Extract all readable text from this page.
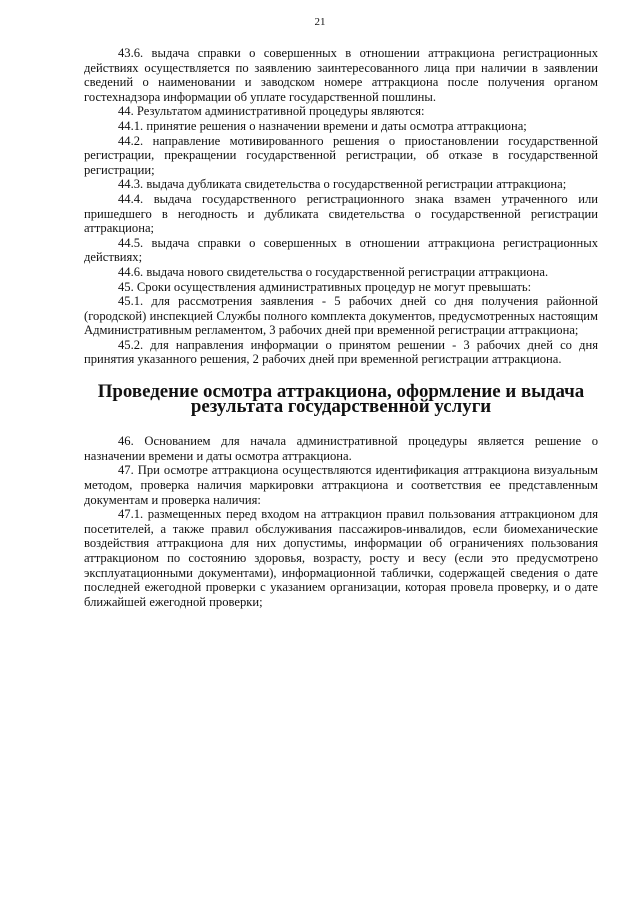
21

43.6. выдача справки о совершенных в отношении аттракциона регистрационных действиях осуществляется по заявлению заинтересованного лица при наличии в заявлении сведений о наименовании и заводском номере аттракциона после получения органом гостехнадзора информации об уплате государственной пошлины.

44. Результатом административной процедуры являются:

44.1. принятие решения о назначении времени и даты осмотра аттракциона;

44.2. направление мотивированного решения о приостановлении государственной регистрации, прекращении государственной регистрации, об отказе в государственной регистрации;

44.3. выдача дубликата свидетельства о государственной регистрации аттракциона;

44.4. выдача государственного регистрационного знака взамен утраченного или пришедшего в негодность и дубликата свидетельства о государственной регистрации аттракциона;

44.5. выдача справки о совершенных в отношении аттракциона регистрационных действиях;

44.6. выдача нового свидетельства о государственной регистрации аттракциона.

45. Сроки осуществления административных процедур не могут превышать:

45.1. для рассмотрения заявления - 5 рабочих дней со дня получения районной (городской) инспекцией Службы полного комплекта документов, предусмотренных настоящим Административным регламентом, 3 рабочих дней при временной регистрации аттракциона;

45.2. для направления информации о принятом решении - 3 рабочих дней со дня принятия указанного решения, 2 рабочих дней при временной регистрации аттракциона.

Проведение осмотра аттракциона, оформление и выдача результата государственной услуги

46. Основанием для начала административной процедуры является решение о назначении времени и даты осмотра аттракциона.

47. При осмотре аттракциона осуществляются идентификация аттракциона визуальным методом, проверка наличия маркировки аттракциона и соответствия ее представленным документам и проверка наличия:

47.1. размещенных перед входом на аттракцион правил пользования аттракционом для посетителей, а также правил обслуживания пассажиров-инвалидов, если биомеханические воздействия аттракциона для них допустимы, информации об ограничениях пользования аттракционом по состоянию здоровья, возрасту, росту и весу (если это предусмотрено эксплуатационными документами), информационной таблички, содержащей сведения о дате последней ежегодной проверки с указанием организации, которая провела проверку, и о дате ближайшей ежегодной проверки;
